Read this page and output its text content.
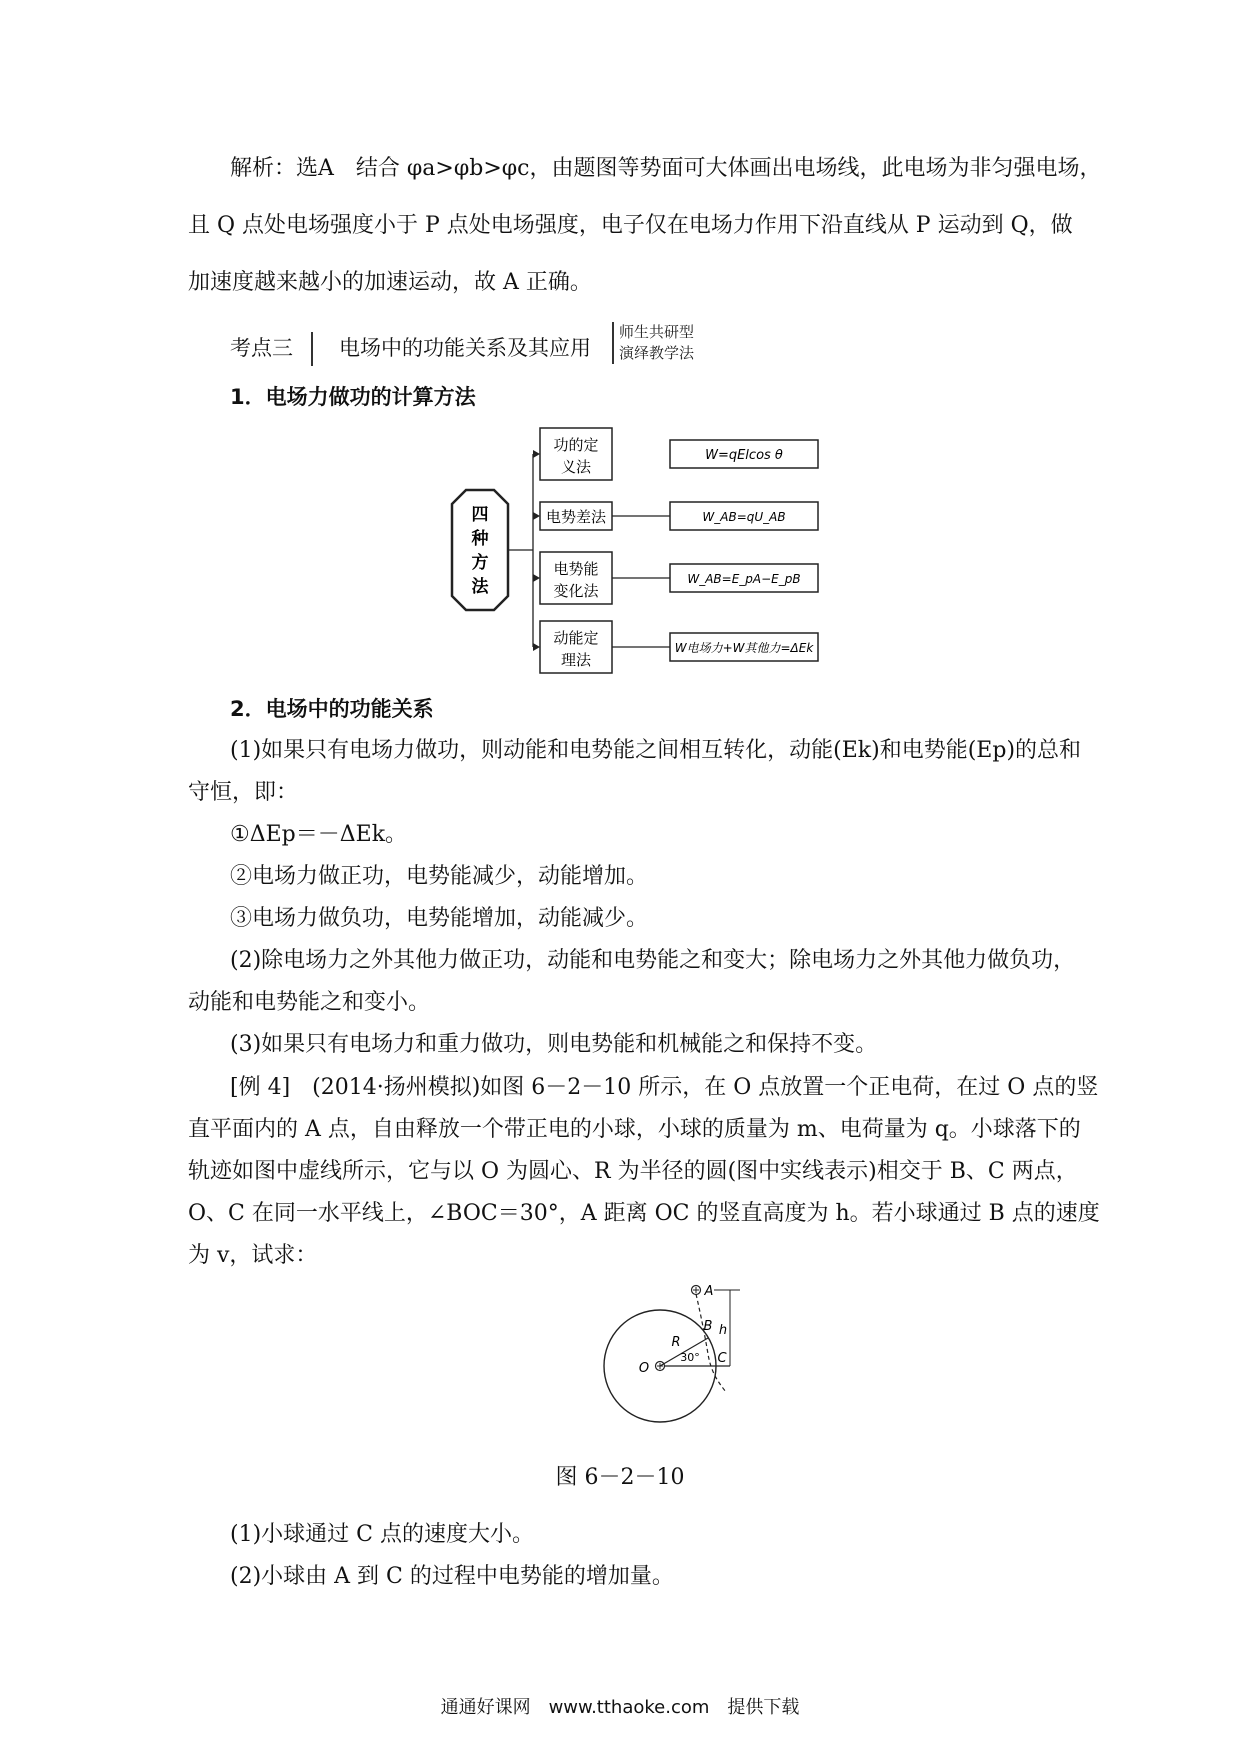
解析：选A　结合 φa>φb>φc，由题图等势面可大体画出电场线，此电场为非匀强电场，
且 Q 点处电场强度小于 P 点处电场强度，电子仅在电场力作用下沿直线从 P 运动到 Q，做
加速度越来越小的加速运动，故 A 正确。
考点三 电场中的功能关系及其应用
师生共研型
演绎教学法
1．电场力做功的计算方法
四
种
方
法
功的定
义法
电势差法
电势能
变化法
动能定
理法
W=qElcos θ
W_AB=qU_AB
W_AB=E_pA−E_pB
W电场力+W其他力=ΔEk
2．电场中的功能关系
(1)如果只有电场力做功，则动能和电势能之间相互转化，动能(Ek)和电势能(Ep)的总和
守恒，即：
①ΔEp＝－ΔEk。
②电场力做正功，电势能减少，动能增加。
③电场力做负功，电势能增加，动能减少。
(2)除电场力之外其他力做正功，动能和电势能之和变大；除电场力之外其他力做负功，
动能和电势能之和变小。
(3)如果只有电场力和重力做功，则电势能和机械能之和保持不变。
[例 4]　(2014·扬州模拟)如图 6－2－10 所示，在 O 点放置一个正电荷，在过 O 点的竖
直平面内的 A 点，自由释放一个带正电的小球，小球的质量为 m、电荷量为 q。小球落下的
轨迹如图中虚线所示，它与以 O 为圆心、R 为半径的圆(图中实线表示)相交于 B、C 两点，
O、C 在同一水平线上，∠BOC＝30°，A 距离 OC 的竖直高度为 h。若小球通过 B 点的速度
为 v，试求：
O
R
30°
A
h
B
C
图 6－2－10
(1)小球通过 C 点的速度大小。
(2)小球由 A 到 C 的过程中电势能的增加量。
通通好课网　www.tthaoke.com　提供下载
